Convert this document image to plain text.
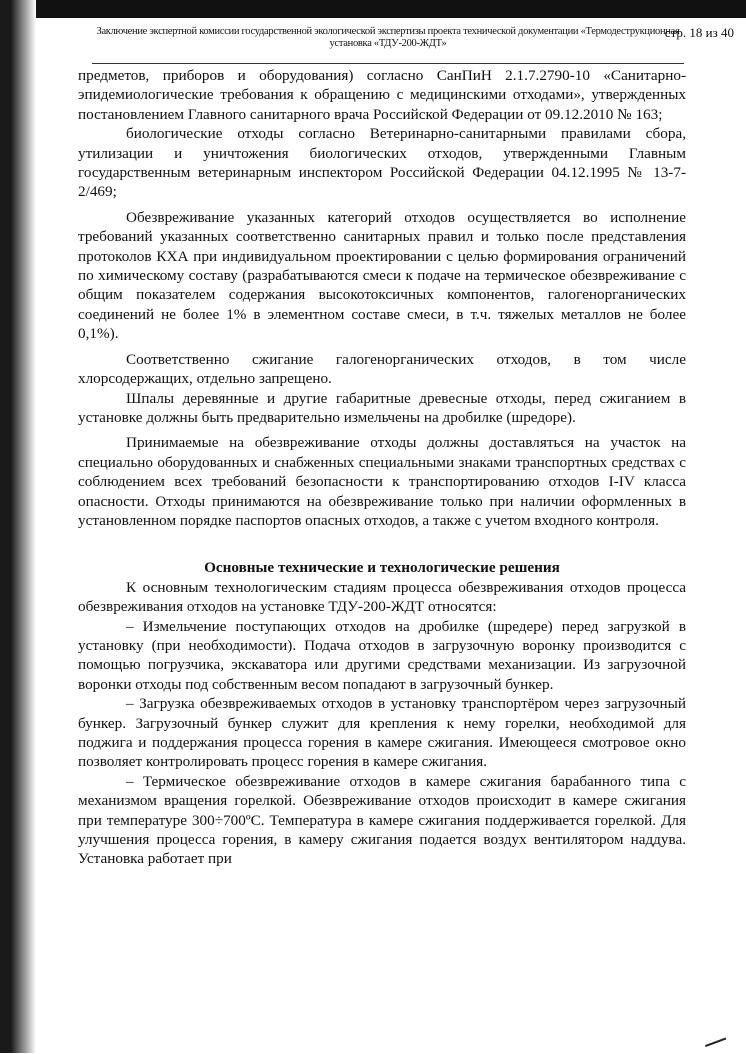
стр. 18 из 40
Заключение экспертной комиссии государственной экологической экспертизы проекта технической документации «Термодеструкционная
установка «ТДУ-200-ЖДТ»

предметов, приборов и оборудования) согласно СанПиН 2.1.7.2790-10 «Санитарно-эпидемиологические требования к обращению с медицинскими отходами», утвержденных постановлением Главного санитарного врача Российской Федерации от 09.12.2010 № 163;

биологические отходы согласно Ветеринарно-санитарными правилами сбора, утилизации и уничтожения биологических отходов, утвержденными Главным государственным ветеринарным инспектором Российской Федерации 04.12.1995 № 13-7-2/469;

Обезвреживание указанных категорий отходов осуществляется во исполнение требований указанных соответственно санитарных правил и только после представления протоколов КХА при индивидуальном проектировании с целью формирования ограничений по химическому составу (разрабатываются смеси к подаче на термическое обезвреживание с общим показателем содержания высокотоксичных компонентов, галогенорганических соединений не более 1% в элементном составе смеси, в т.ч. тяжелых металлов не более 0,1%).

Соответственно сжигание галогенорганических отходов, в том числе хлорсодержащих, отдельно запрещено.

Шпалы деревянные и другие габаритные древесные отходы, перед сжиганием в установке должны быть предварительно измельчены на дробилке (шредоре).

Принимаемые на обезвреживание отходы должны доставляться на участок на специально оборудованных и снабженных специальными знаками транспортных средствах с соблюдением всех требований безопасности к транспортированию отходов I-IV класса опасности. Отходы принимаются на обезвреживание только при наличии оформленных в установленном порядке паспортов опасных отходов, а также с учетом входного контроля.

Основные технические и технологические решения

К основным технологическим стадиям процесса обезвреживания отходов процесса обезвреживания отходов на установке ТДУ-200-ЖДТ относятся:

– Измельчение поступающих отходов на дробилке (шредере) перед загрузкой в установку (при необходимости). Подача отходов в загрузочную воронку производится с помощью погрузчика, экскаватора или другими средствами механизации. Из загрузочной воронки отходы под собственным весом попадают в загрузочный бункер.

– Загрузка обезвреживаемых отходов в установку транспортёром через загрузочный бункер. Загрузочный бункер служит для крепления к нему горелки, необходимой для поджига и поддержания процесса горения в камере сжигания. Имеющееся смотровое окно позволяет контролировать процесс горения в камере сжигания.

– Термическое обезвреживание отходов в камере сжигания барабанного типа с механизмом вращения горелкой. Обезвреживание отходов происходит в камере сжигания при температуре 300÷700ºС. Температура в камере сжигания поддерживается горелкой. Для улучшения процесса горения, в камеру сжигания подается воздух вентилятором наддува. Установка работает при
